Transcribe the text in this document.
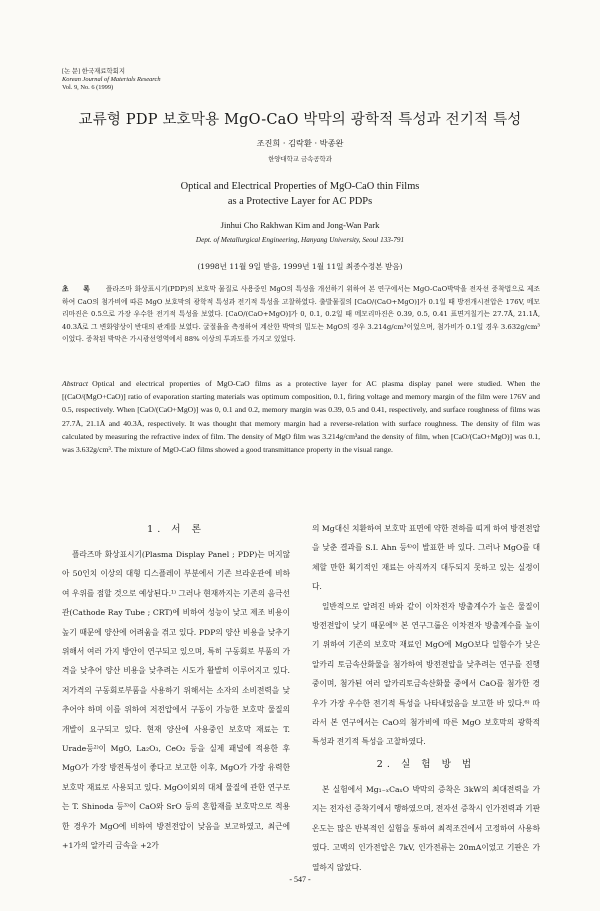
[논 문] 한국재료학회지
Korean Journal of Materials Research
Vol. 9, No. 6 (1999)
교류형 PDP 보호막용 MgO-CaO 박막의 광학적 특성과 전기적 특성
조진희 · 김락환 · 박종완
한양대학교 금속공학과
Optical and Electrical Properties of MgO-CaO thin Films
as a Protective Layer for AC PDPs
Jinhui Cho Rakhwan Kim and Jong-Wan Park
Dept. of Metallurgical Engineering, Hanyang University, Seoul 133-791
(1998년 11월 9일 받음, 1999년 1월 11일 최종수정본 받음)
초 록 플라즈마 화상표시기(PDP)의 보호막 물질로 사용중인 MgO의 특성을 개선하기 위하여 본 연구에서는 MgO-CaO박막을 전자선 증착법으로 제조하여 CaO의 첨가비에 따른 MgO 보호막의 광학적 특성과 전기적 특성을 고찰하였다. 출발물질의 [CaO/(CaO+MgO)]가 0.1일 때 방전개시전압은 176V, 메모리마진은 0.5으로 가장 우수한 전기적 특성을 보였다. [CaO/(CaO+MgO)]가 0, 0.1, 0.2일 때 메모리마진은 0.39, 0.5, 0.41 표면거칠기는 27.7Å, 21.1Å, 40.3Å로 그 변화양상이 반대의 관계를 보였다. 굴절율을 측정하여 계산한 박막의 밀도는 MgO의 경우 3.214g/cm³이었으며, 첨가비가 0.1일 경우 3.632g/cm³이었다. 증착된 박막은 가시광선영역에서 88% 이상의 투과도를 가지고 있었다.
Abstract Optical and electrical properties of MgO-CaO films as a protective layer for AC plasma display panel were studied. When the [(CaO/(MgO+CaO)] ratio of evaporation starting materials was optimum composition, 0.1, firing voltage and memory margin of the film were 176V and 0.5, respectively. When [CaO/(CaO+MgO)] was 0, 0.1 and 0.2, memory margin was 0.39, 0.5 and 0.41, respectively, and surface roughness of films was 27.7Å, 21.1Å and 40.3Å, respectively. It was thought that memory margin had a reverse-relation with surface roughness. The density of film was calculated by measuring the refractive index of film. The density of MgO film was 3.214g/cm³and the density of film, when [CaO/(CaO+MgO)] was 0.1, was 3.632g/cm³. The mixture of MgO-CaO films showed a good transmittance property in the visual range.
1. 서 론

플라즈마 화상표시기(Plasma Display Panel ; PDP)는 머지않아 50인치 이상의 대형 디스플레이 부분에서 기존 브라운관에 비하여 우위를 점할 것으로 예상된다.¹⁾ 그러나 현재까지는 기존의 음극선관(Cathode Ray Tube ; CRT)에 비하여 성능이 낮고 제조 비용이 높기 때문에 양산에 어려움을 겪고 있다. PDP의 양산 비용을 낮추기 위해서 여러 가지 방안이 연구되고 있으며, 특히 구동회로 부품의 가격을 낮추어 양산 비용을 낮추려는 시도가 활발히 이루어지고 있다. 저가격의 구동회로부품을 사용하기 위해서는 소자의 소비전력을 낮추어야 하며 이를 위하여 저전압에서 구동이 가능한 보호막 물질의 개발이 요구되고 있다. 현재 양산에 사용중인 보호막 재료는 T. Urade등²⁾이 MgO, La₂O₃, CeO₂ 등을 실제 패널에 적용한 후 MgO가 가장 방전특성이 좋다고 보고한 이후, MgO가 가장 유력한 보호막 재료로 사용되고 있다. MgO이외의 대체 물질에 관한 연구로는 T. Shinoda 등³⁾이 CaO와 SrO 등의 혼합재를 보호막으로 적용한 경우가 MgO에 비하여 방전전압이 낮음을 보고하였고, 최근에 +1가의 알카리 금속을 +2가

의 Mg대신 치환하여 보호막 표면에 약한 전하를 띠게 하여 방전전압을 낮춘 결과를 S.I. Ahn 등⁴⁾이 발표한 바 있다. 그러나 MgO를 대체할 만한 획기적인 재료는 아직까지 대두되지 못하고 있는 실정이다.

일반적으로 알려진 바와 같이 이차전자 방출계수가 높은 물질이 방전전압이 낮기 때문에⁵⁾ 본 연구그룹은 이차전자 방출계수를 높이기 위하여 기존의 보호막 재료인 MgO에 MgO보다 일함수가 낮은 알카리 토금속산화물을 첨가하여 방전전압을 낮추려는 연구를 진행중이며, 첨가된 여러 알카리토금속산화물 중에서 CaO를 첨가한 경우가 가장 우수한 전기적 특성을 나타내었음을 보고한 바 있다.⁶⁾ 따라서 본 연구에서는 CaO의 첨가비에 따른 MgO 보호막의 광학적 특성과 전기적 특성을 고찰하였다.

2. 실 험 방 법

본 실험에서 Mg₁₋ₓCaₓO 박막의 증착은 3kW의 최대전력을 가지는 전자선 증착기에서 행하였으며, 전자선 증착시 인가전력과 기판온도는 많은 반복적인 실험을 통하여 최적조건에서 고정하여 사용하였다. 고맥의 인가전압은 7kV, 인가전류는 20mA이었고 기판은 가열하지 않았다.

- 547 -
